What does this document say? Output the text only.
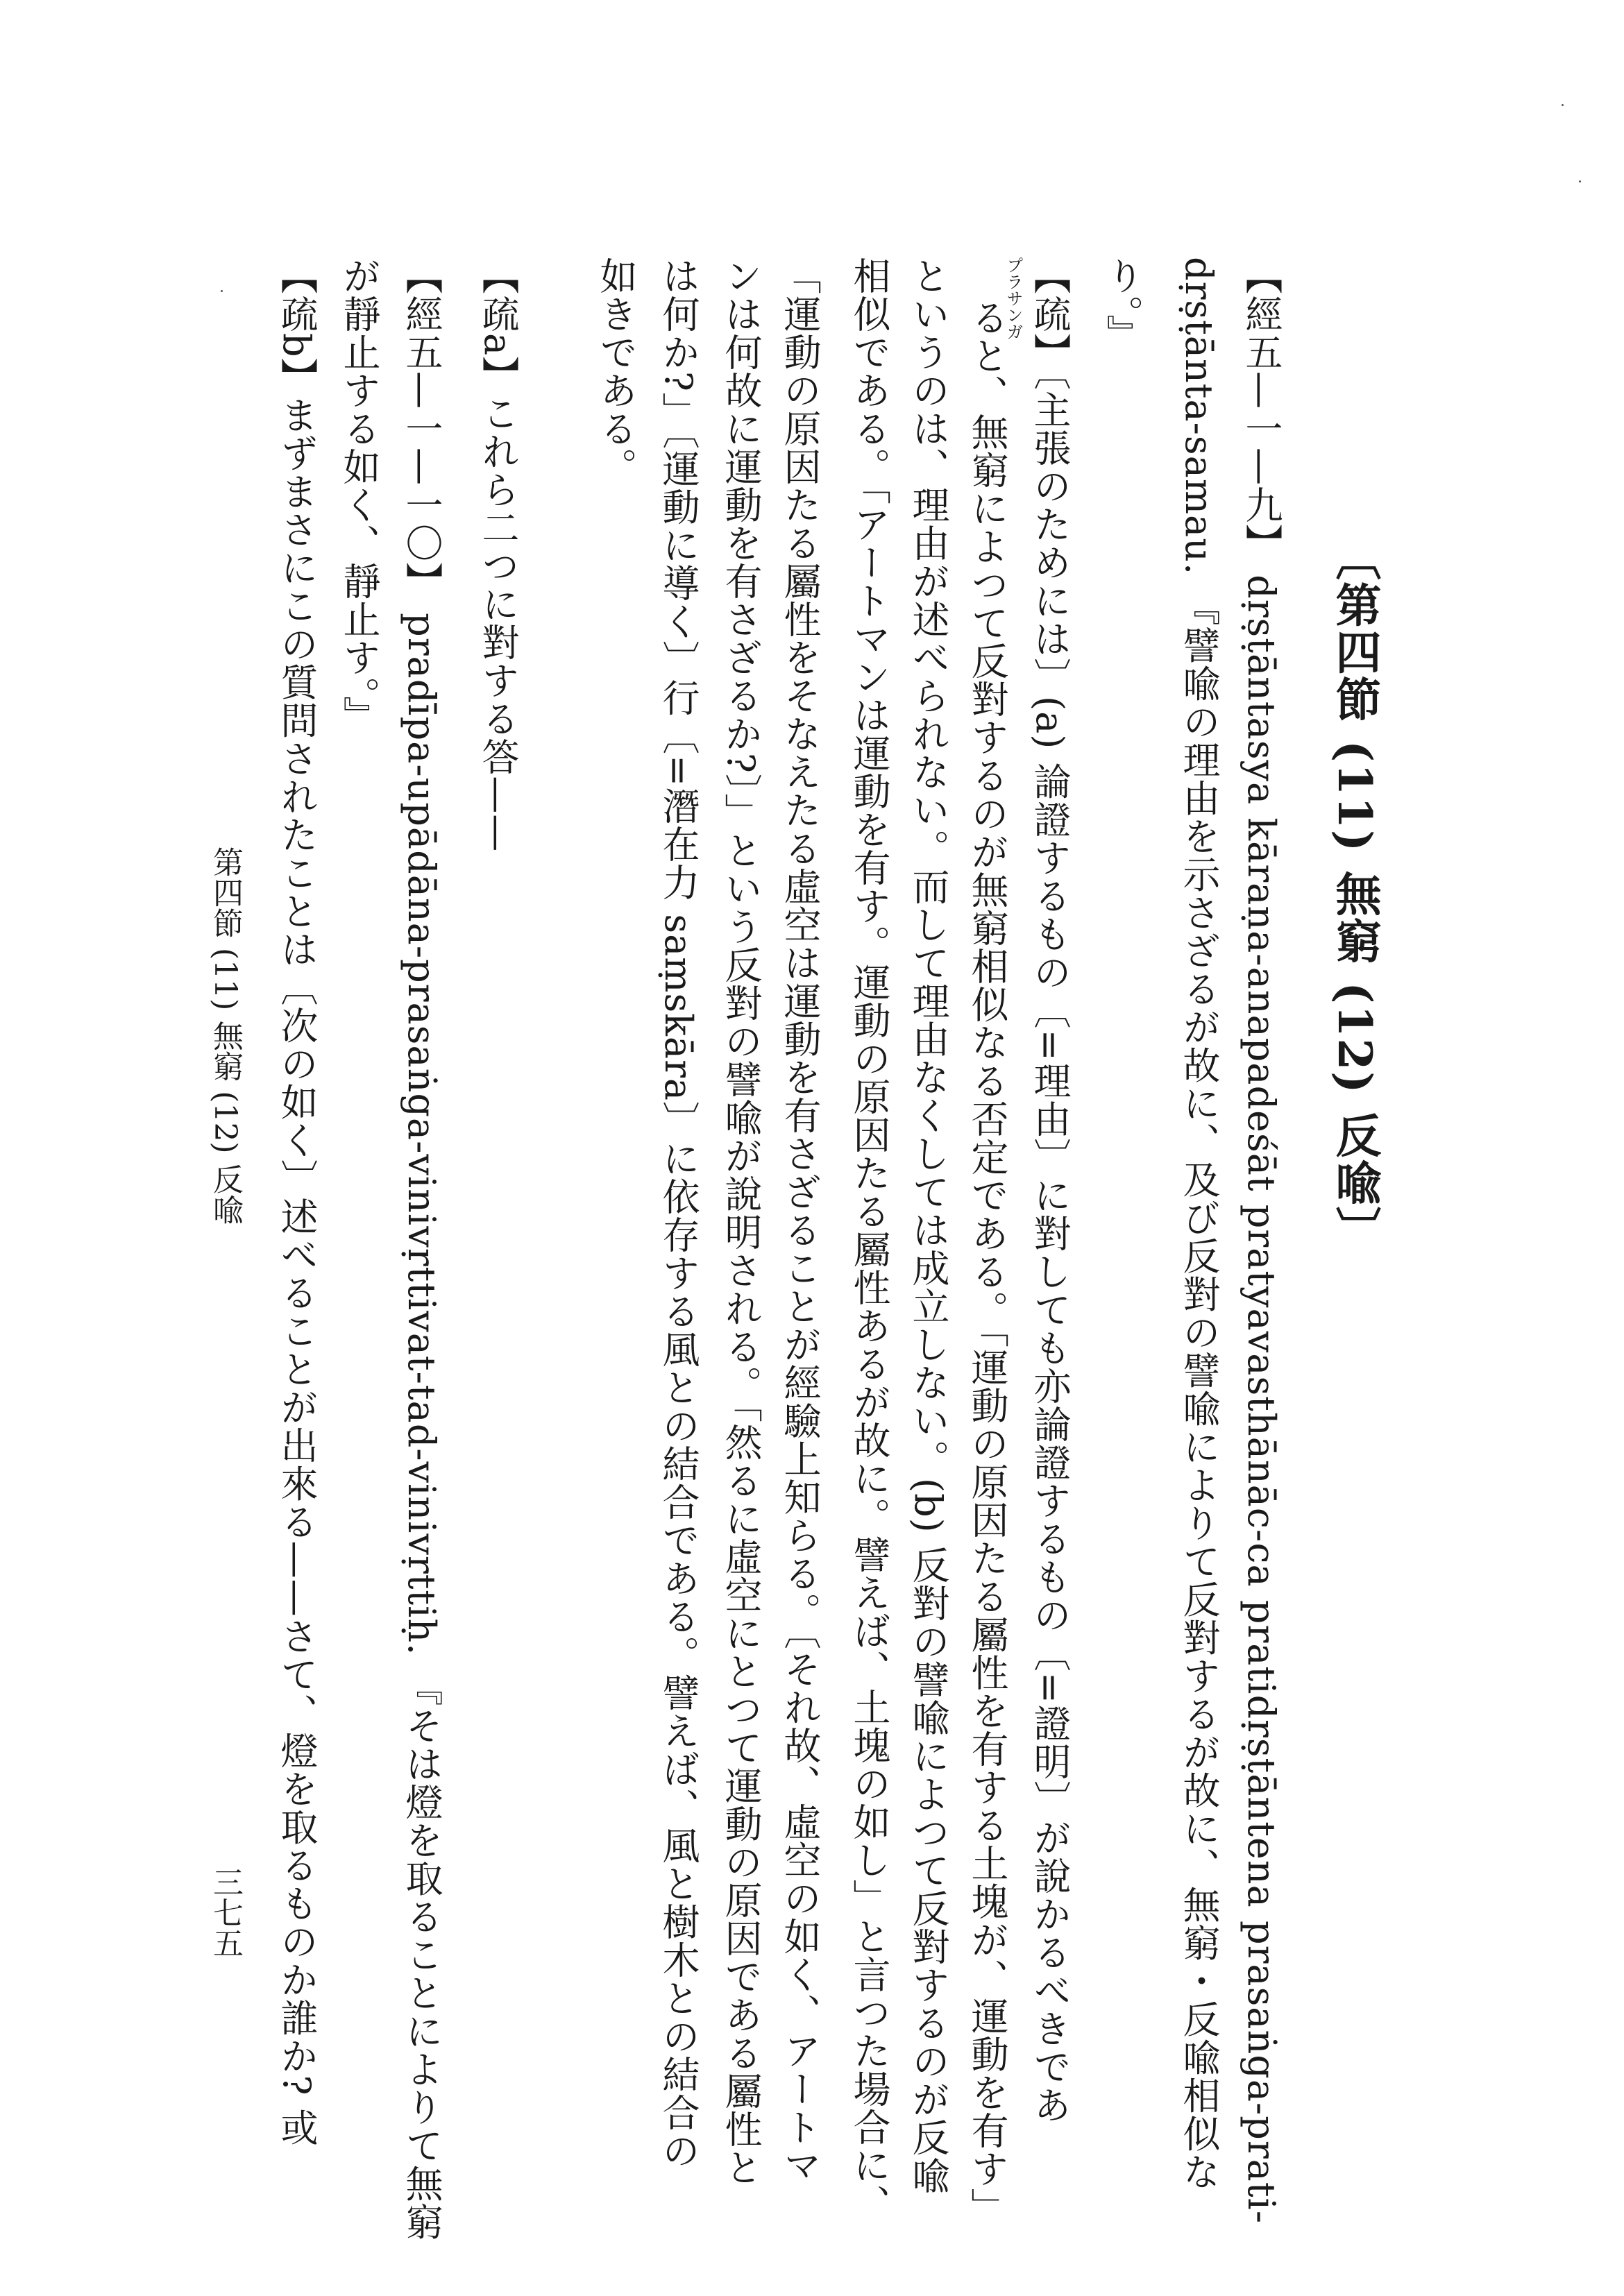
〔第四節 (11) 無窮 (12) 反喩〕
【經五—一—九】 dṛṣṭāntasya kāraṇa-anapadeśāt pratyavasthānāc-ca pratidṛṣṭāntena prasaṅga-prati-
dṛṣṭānta-samau. 『譬喩の理由を示さざるが故に、及び反對の譬喩によりて反對するが故に、無窮・反喩相似な
り。』
【疏】〔主張のためには〕(a) 論證するもの〔=理由〕に對しても亦論證するもの〔=證明〕が說かるべきであ
ると、無窮によつて反對するのが無窮相似なる否定である。「運動の原因たる屬性を有する土塊が、運動を有す」
というのは、理由が述べられない。而して理由なくしては成立しない。(b) 反對の譬喩によつて反對するのが反喩
相似である。「アートマンは運動を有す。運動の原因たる屬性あるが故に。譬えば、土塊の如し」と言つた場合に、
「運動の原因たる屬性をそなえたる虛空は運動を有さざることが經驗上知らる。〔それ故、虛空の如く、アートマ
ンは何故に運動を有さざるか?〕」という反對の譬喩が說明される。「然るに虛空にとつて運動の原因である屬性と
は何か?」〔運動に導く〕行〔=潛在力 saṃskāra〕に依存する風との結合である。譬えば、風と樹木との結合の
如きである。
【疏a】これら二つに對する答——
【經五—一—一〇】 pradīpa-upādāna-prasaṅga-vinivṛttivat-tad-vinivṛttiḥ. 『そは燈を取ることによりて無窮
が靜止する如く、靜止す。』
【疏b】まずまさにこの質問されたことは〔次の如く〕述べることが出來る——さて、燈を取るものか誰か? 或	プラサンガ
第四節 (11) 無窮 (12) 反喩
三七五
